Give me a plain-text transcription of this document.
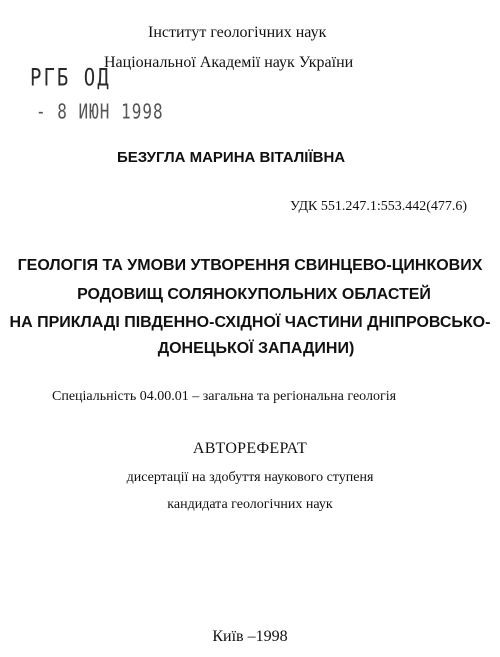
Інститут геологічних наук
Національної Академії наук України
РГБ ОД
- 8 ИЮН 1998
БЕЗУГЛА МАРИНА ВІТАЛІЇВНА
УДК 551.247.1:553.442(477.6)
ГЕОЛОГІЯ ТА УМОВИ УТВОРЕННЯ СВИНЦЕВО-ЦИНКОВИХ
РОДОВИЩ СОЛЯНОКУПОЛЬНИХ ОБЛАСТЕЙ
НА ПРИКЛАДІ ПІВДЕННО-СХІДНОЇ ЧАСТИНИ ДНІПРОВСЬКО-
ДОНЕЦЬКОЇ ЗАПАДИНИ)
Спеціальність 04.00.01 – загальна та регіональна геологія
АВТОРЕФЕРАТ
дисертації на здобуття наукового ступеня
кандидата геологічних наук
Київ –1998
